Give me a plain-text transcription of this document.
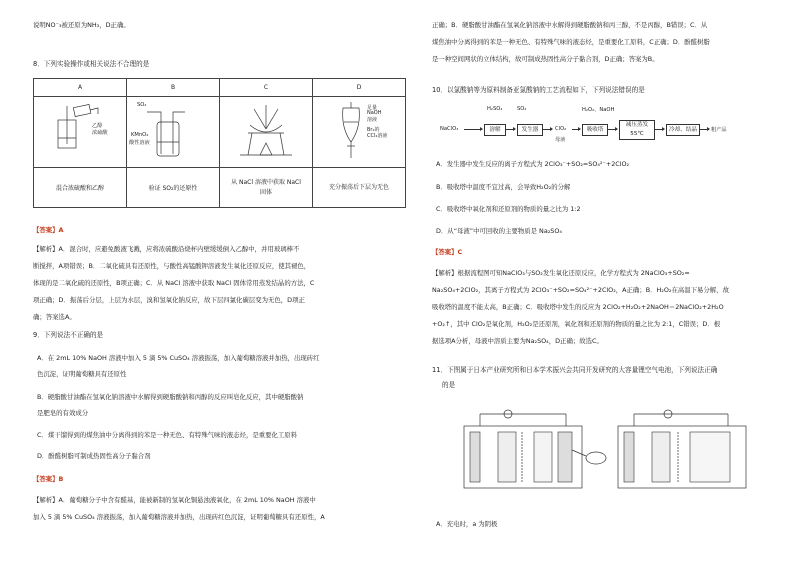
说明NO⁻₃被还原为NH₃，D正确。
8．下列实验操作或相关说法不合理的是
A	B	C	D

乙醇
浓硫酸	SO₂
KMnO₄
酸性溶液		足量
NaOH
溶液
Br₂的
CCl₄溶液

混合浓硫酸和乙醇	验证 SO₂的还原性	从 NaCl 溶液中获取 NaCl 固体	充分振荡后下层为无色
【答案】A
【解析】A．混合时，应避免酸液飞溅，应将浓硫酸沿烧杯内壁缓缓倒入乙醇中，并用玻璃棒不
断搅拌，A项错误；B．二氧化硫具有还原性，与酸性高锰酸钾溶液发生氧化还原反应，使其褪色，
体现的是二氧化硫的还原性，B项正确；C．从 NaCl 溶液中获取 NaCl 固体常用蒸发结晶的方法，C
项正确；D．振荡后分层，上层为水层，溴和氢氧化钠反应，故下层四氯化碳层变为无色，D项正
确；答案选A。
9．下列说法不正确的是
A．在 2mL 10% NaOH 溶液中加入 5 滴 5% CuSO₄ 溶液振荡，加入葡萄糖溶液并加热，出现砖红
色沉淀，证明葡萄糖具有还原性
B．硬脂酸甘油酯在氢氧化钠溶液中水解得到硬脂酸钠和丙醇的反应叫皂化反应，其中硬脂酸钠
是肥皂的有效成分
C．煤干馏得到的煤焦油中分离得到的苯是一种无色、有特殊气味的液态烃，是重要化工原料
D．酚醛树脂可制成热固性高分子黏合剂
【答案】B
【解析】A．葡萄糖分子中含有醛基，能被新制的氢氧化铜悬浊液氧化，在 2mL 10% NaOH 溶液中
加入 5 滴 5% CuSO₄ 溶液振荡，加入葡萄糖溶液并加热，出现砖红色沉淀，证明葡萄糖具有还原性，A
正确；B．硬脂酸甘油酯在氢氧化钠溶液中水解得到硬脂酸钠和丙三醇，不是丙醇，B错误；C．从
煤焦油中分离得到的苯是一种无色、有特殊气味的液态烃，是重要化工原料，C正确；D．酚醛树脂
是一种空间网状的立体结构，故可制成热固性高分子黏合剂，D正确；答案为B。
10．以氯酸钠等为原料制备亚氯酸钠的工艺流程如下，下列说法错误的是
H₂SO₄	SO₂	H₂O₂、NaOH
NaClO₃	溶解	发生器	ClO₂
母液
吸收塔
减压蒸发 55℃
冷却、结晶	粗产品
A．发生器中发生反应的离子方程式为 2ClO₃⁻+SO₂=SO₄²⁻+2ClO₂
B．吸收塔中温度不宜过高，会导致H₂O₂的分解
C．吸收塔中氧化剂和还原剂的物质的量之比为 1:2
D．从“母液”中可回收的主要物质是 Na₂SO₄
【答案】C
【解析】根据流程图可知NaClO₃与SO₂发生氧化还原反应，化学方程式为 2NaClO₃+SO₂=
Na₂SO₄+2ClO₂，其离子方程式为 2ClO₃⁻+SO₂=SO₄²⁻+2ClO₂，A正确；B．H₂O₂在高温下易分解，故
吸收塔的温度不能太高，B正确；C．吸收塔中发生的反应为 2ClO₂+H₂O₂+2NaOH＝2NaClO₂+2H₂O
+O₂↑，其中 ClO₂是氧化剂，H₂O₂是还原剂，氧化剂和还原剂的物质的量之比为 2:1，C错误；D．根
据选项A分析，母液中溶质主要为Na₂SO₄，D正确；故选C。
11．下图属于日本产业研究所和日本学术振兴会共同开发研究的大容量锂空气电池，下列说法正确
的是
A．充电时，a 为阴极
